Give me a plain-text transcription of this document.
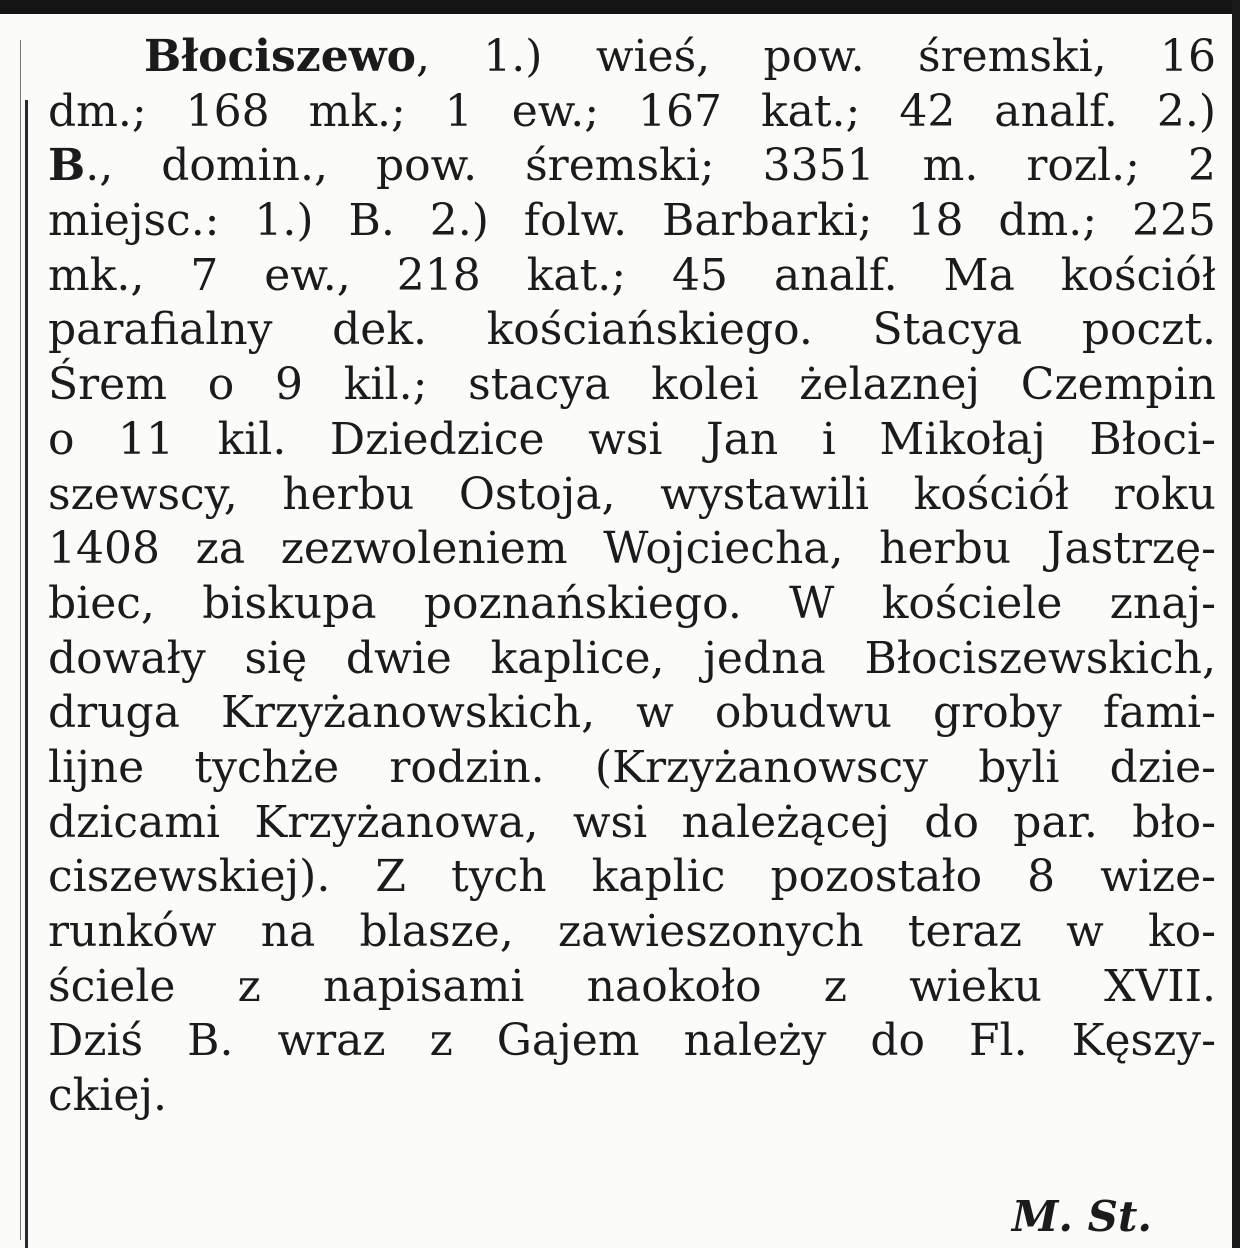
Błociszewo, 1.) wieś, pow. śremski, 16
dm.; 168 mk.; 1 ew.; 167 kat.; 42 analf. 2.)
B., domin., pow. śremski; 3351 m. rozl.; 2
miejsc.: 1.) B. 2.) folw. Barbarki; 18 dm.; 225
mk., 7 ew., 218 kat.; 45 analf. Ma kościół
parafialny dek. kościańskiego. Stacya poczt.
Śrem o 9 kil.; stacya kolei żelaznej Czempin
o 11 kil. Dziedzice wsi Jan i Mikołaj Błoci-
szewscy, herbu Ostoja, wystawili kościół roku
1408 za zezwoleniem Wojciecha, herbu Jastrzę-
biec, biskupa poznańskiego. W kościele znaj-
dowały się dwie kaplice, jedna Błociszewskich,
druga Krzyżanowskich, w obudwu groby fami-
lijne tychże rodzin. (Krzyżanowscy byli dzie-
dzicami Krzyżanowa, wsi należącej do par. bło-
ciszewskiej). Z tych kaplic pozostało 8 wize-
runków na blasze, zawieszonych teraz w ko-
ściele z napisami naokoło z wieku XVII.
Dziś B. wraz z Gajem należy do Fl. Kęszy-
ckiej.
M. St.
